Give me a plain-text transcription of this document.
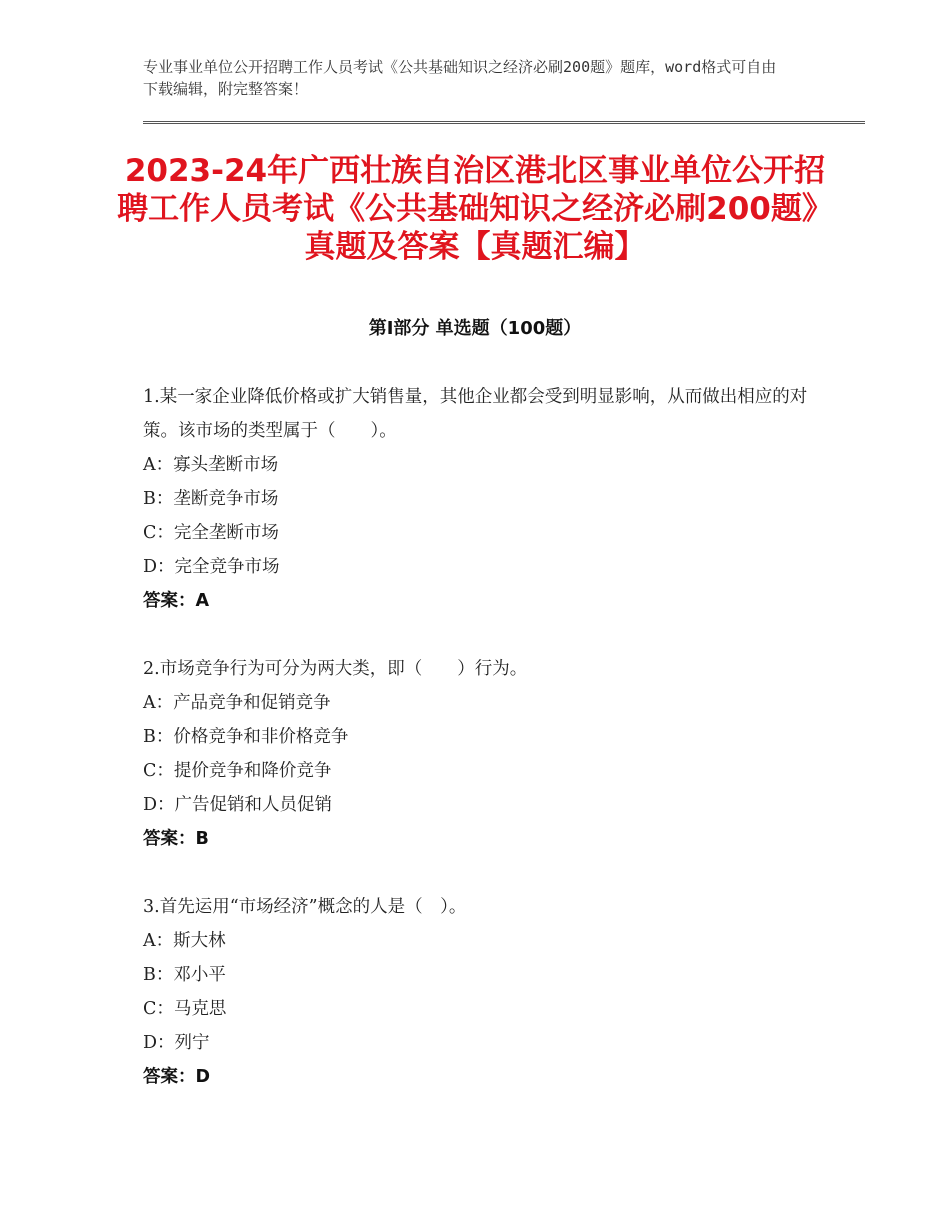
专业事业单位公开招聘工作人员考试《公共基础知识之经济必刷200题》题库，word格式可自由下载编辑，附完整答案！
2023-24年广西壮族自治区港北区事业单位公开招聘工作人员考试《公共基础知识之经济必刷200题》真题及答案【真题汇编】
第Ⅰ部分 单选题（100题）

1.某一家企业降低价格或扩大销售量，其他企业都会受到明显影响，从而做出相应的对策。该市场的类型属于（　　）。

A：寡头垄断市场

B：垄断竞争市场

C：完全垄断市场

D：完全竞争市场

答案：A

2.市场竞争行为可分为两大类，即（　　）行为。

A：产品竞争和促销竞争

B：价格竞争和非价格竞争

C：提价竞争和降价竞争

D：广告促销和人员促销

答案：B

3.首先运用“市场经济”概念的人是（　）。

A：斯大林

B：邓小平

C：马克思

D：列宁

答案：D
